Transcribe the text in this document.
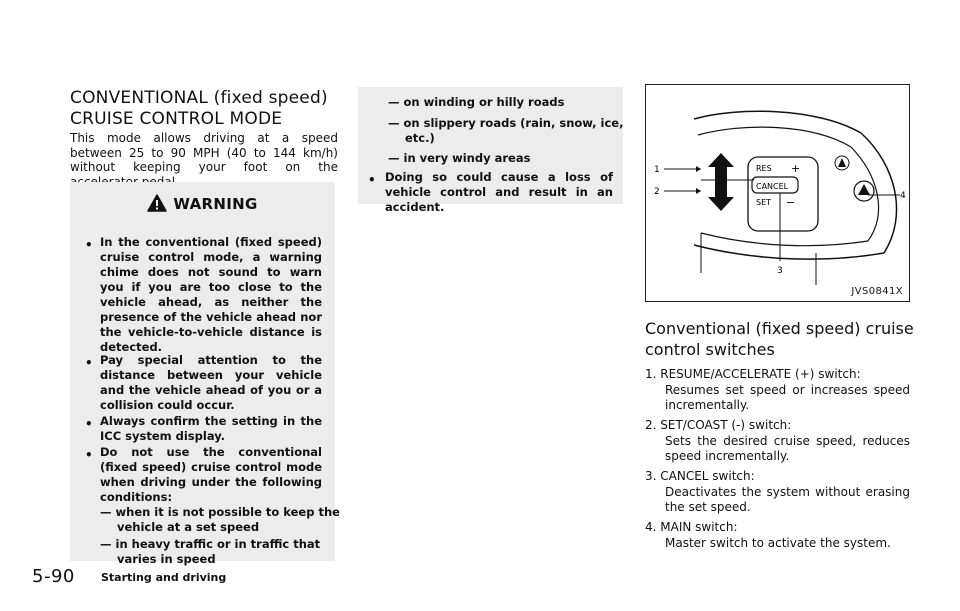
CONVENTIONAL (fixed speed)
CRUISE CONTROL MODE
This mode allows driving at a speed between 25 to 90 MPH (40 to 144 km/h) without keeping your foot on the
WARNING
• In the conventional (fixed speed) cruise control mode, a warning chime does not sound to warn you if you are too close to the vehicle ahead, as neither the presence of the vehicle ahead nor the vehicle-to-vehicle distance is detected.
• Pay special attention to the distance between your vehicle and the vehicle ahead of you or a collision could occur.
• Always confirm the setting in the ICC system display.
• Do not use the conventional (fixed speed) cruise control mode when driving under the following conditions:
— when it is not possible to keep the vehicle at a set speed
— in heavy traffic or in traffic that varies in speed
— on winding or hilly roads
— on slippery roads (rain, snow, ice, etc.)
— in very windy areas
• Doing so could cause a loss of vehicle control and result in an accident.
RES +
CANCEL
SET −
1
2
3
4
JVS0841X
Conventional (fixed speed) cruise control switches
1. RESUME/ACCELERATE (+) switch:
Resumes set speed or increases speed incrementally.
2. SET/COAST (-) switch:
Sets the desired cruise speed, reduces speed incrementally.
3. CANCEL switch:
Deactivates the system without erasing the set speed.
4. MAIN switch:
Master switch to activate the system.
5-90 Starting and driving
